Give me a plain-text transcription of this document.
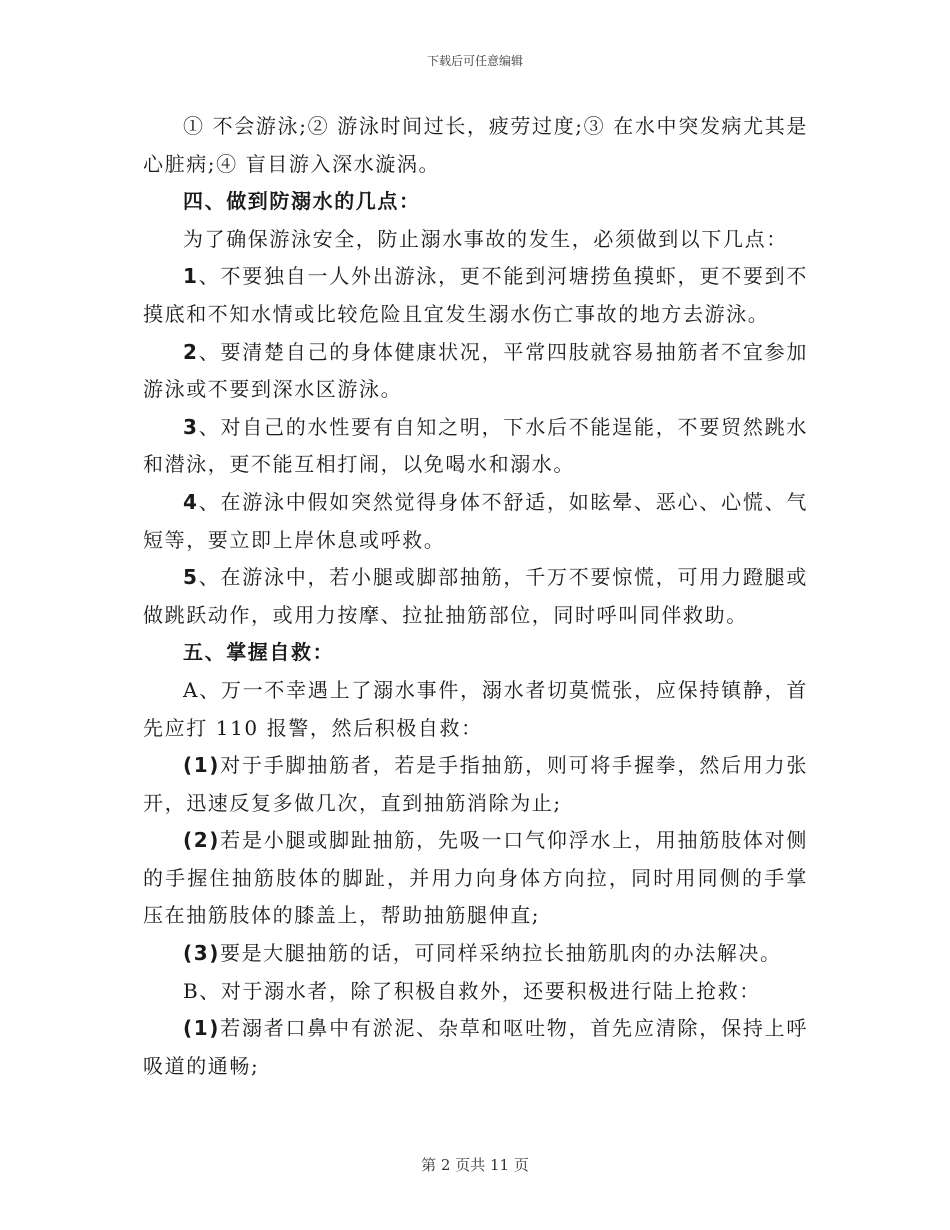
下载后可任意编辑

① 不会游泳;② 游泳时间过长，疲劳过度;③ 在水中突发病尤其是心脏病;④ 盲目游入深水漩涡。

四、做到防溺水的几点：

为了确保游泳安全，防止溺水事故的发生，必须做到以下几点：

1、不要独自一人外出游泳，更不能到河塘捞鱼摸虾，更不要到不摸底和不知水情或比较危险且宜发生溺水伤亡事故的地方去游泳。

2、要清楚自己的身体健康状况，平常四肢就容易抽筋者不宜参加游泳或不要到深水区游泳。

3、对自己的水性要有自知之明，下水后不能逞能，不要贸然跳水和潜泳，更不能互相打闹，以免喝水和溺水。

4、在游泳中假如突然觉得身体不舒适，如眩晕、恶心、心慌、气短等，要立即上岸休息或呼救。

5、在游泳中，若小腿或脚部抽筋，千万不要惊慌，可用力蹬腿或做跳跃动作，或用力按摩、拉扯抽筋部位，同时呼叫同伴救助。

五、掌握自救：

A、万一不幸遇上了溺水事件，溺水者切莫慌张，应保持镇静，首先应打 110 报警，然后积极自救：

(1)对于手脚抽筋者，若是手指抽筋，则可将手握拳，然后用力张开，迅速反复多做几次，直到抽筋消除为止;

(2)若是小腿或脚趾抽筋，先吸一口气仰浮水上，用抽筋肢体对侧的手握住抽筋肢体的脚趾，并用力向身体方向拉，同时用同侧的手掌压在抽筋肢体的膝盖上，帮助抽筋腿伸直;

(3)要是大腿抽筋的话，可同样采纳拉长抽筋肌肉的办法解决。

B、对于溺水者，除了积极自救外，还要积极进行陆上抢救：

(1)若溺者口鼻中有淤泥、杂草和呕吐物，首先应清除，保持上呼吸道的通畅;

第 2 页共 11 页
